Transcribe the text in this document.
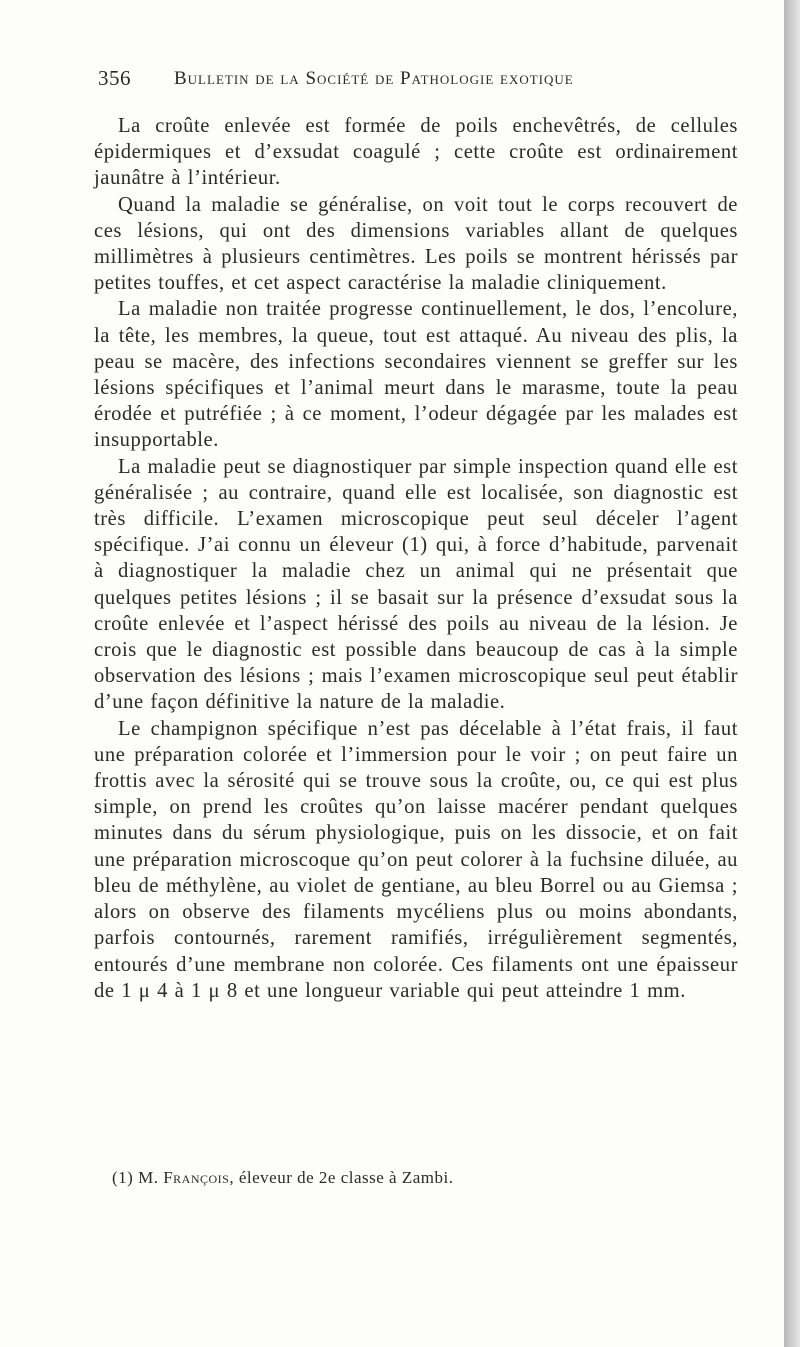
356 Bulletin de la Société de Pathologie exotique

La croûte enlevée est formée de poils enchevêtrés, de cellules épidermiques et d’exsudat coagulé ; cette croûte est ordinairement jaunâtre à l’intérieur.

Quand la maladie se généralise, on voit tout le corps recouvert de ces lésions, qui ont des dimensions variables allant de quelques millimètres à plusieurs centimètres. Les poils se montrent hérissés par petites touffes, et cet aspect caractérise la maladie cliniquement.

La maladie non traitée progresse continuellement, le dos, l’encolure, la tête, les membres, la queue, tout est attaqué. Au niveau des plis, la peau se macère, des infections secondaires viennent se greffer sur les lésions spécifiques et l’animal meurt dans le marasme, toute la peau érodée et putréfiée ; à ce moment, l’odeur dégagée par les malades est insupportable.

La maladie peut se diagnostiquer par simple inspection quand elle est généralisée ; au contraire, quand elle est localisée, son diagnostic est très difficile. L’examen microscopique peut seul déceler l’agent spécifique. J’ai connu un éleveur (1) qui, à force d’habitude, parvenait à diagnostiquer la maladie chez un animal qui ne présentait que quelques petites lésions ; il se basait sur la présence d’exsudat sous la croûte enlevée et l’aspect hérissé des poils au niveau de la lésion. Je crois que le diagnostic est possible dans beaucoup de cas à la simple observation des lésions ; mais l’examen microscopique seul peut établir d’une façon définitive la nature de la maladie.

Le champignon spécifique n’est pas décelable à l’état frais, il faut une préparation colorée et l’immersion pour le voir ; on peut faire un frottis avec la sérosité qui se trouve sous la croûte, ou, ce qui est plus simple, on prend les croûtes qu’on laisse macérer pendant quelques minutes dans du sérum physiologique, puis on les dissocie, et on fait une préparation microscoque qu’on peut colorer à la fuchsine diluée, au bleu de méthylène, au violet de gentiane, au bleu Borrel ou au Giemsa ; alors on observe des filaments mycéliens plus ou moins abondants, parfois contournés, rarement ramifiés, irrégulièrement segmentés, entourés d’une membrane non colorée. Ces filaments ont une épaisseur de 1 μ 4 à 1 μ 8 et une longueur variable qui peut atteindre 1 mm.

(1) M. François, éleveur de 2e classe à Zambi.
